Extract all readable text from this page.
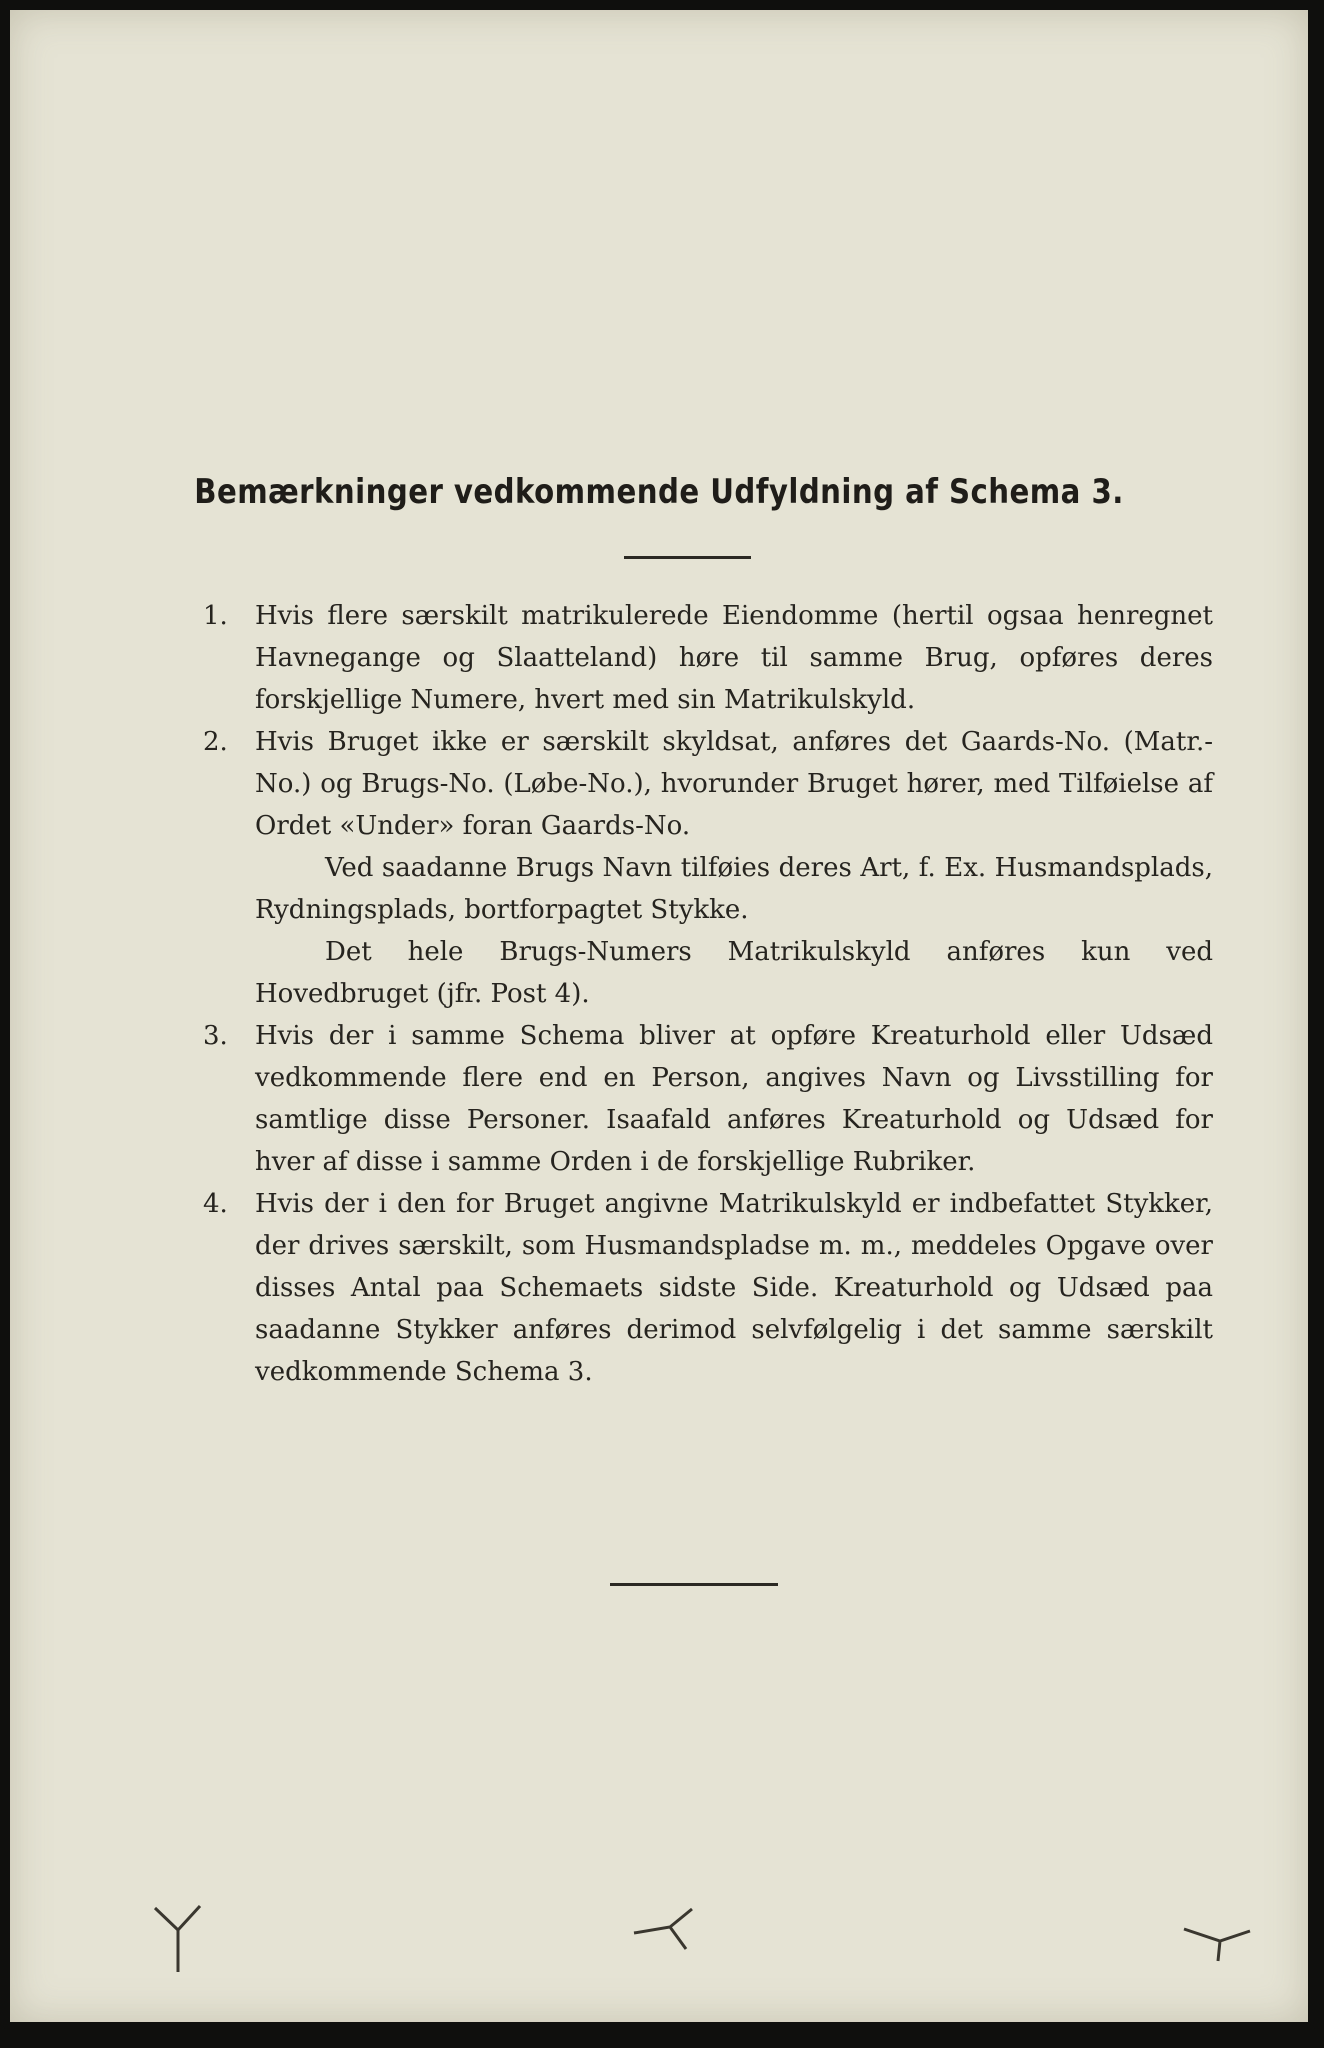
Bemærkninger vedkommende Udfyldning af Schema 3.
1.	Hvis flere særskilt matrikulerede Eiendomme (hertil ogsaa henregnet Havnegange og Slaatteland) høre til samme Brug, opføres deres forskjellige Numere, hvert med sin Matrikulskyld.
2.	Hvis Bruget ikke er særskilt skyldsat, anføres det Gaards-No. (Matr.-No.) og Brugs-No. (Løbe-No.), hvorunder Bruget hører, med Tilføielse af Ordet «Under» foran Gaards-No.
Ved saadanne Brugs Navn tilføies deres Art, f. Ex. Husmandsplads, Rydningsplads, bortforpagtet Stykke.
Det hele Brugs-Numers Matrikulskyld anføres kun ved Hovedbruget (jfr. Post 4).
3.	Hvis der i samme Schema bliver at opføre Kreaturhold eller Udsæd vedkommende flere end en Person, angives Navn og Livsstilling for samtlige disse Personer. Isaafald anføres Kreaturhold og Udsæd for hver af disse i samme Orden i de forskjellige Rubriker.
4.	Hvis der i den for Bruget angivne Matrikulskyld er indbefattet Stykker, der drives særskilt, som Husmandspladse m. m., meddeles Opgave over disses Antal paa Schemaets sidste Side. Kreaturhold og Udsæd paa saadanne Stykker anføres derimod selvfølgelig i det samme særskilt vedkommende Schema 3.
